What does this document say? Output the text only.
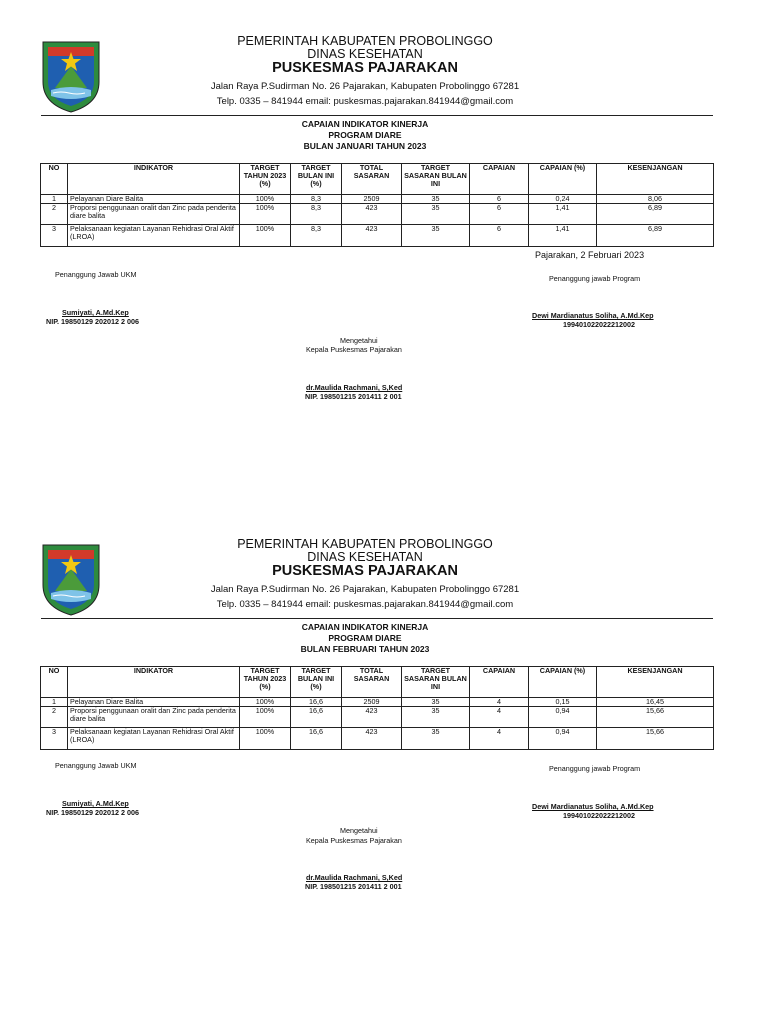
PEMERINTAH KABUPATEN PROBOLINGGO
DINAS KESEHATAN
PUSKESMAS PAJARAKAN
Jalan Raya P.Sudirman No. 26 Pajarakan, Kabupaten Probolinggo 67281
Telp. 0335 – 841944 email: puskesmas.pajarakan.841944@gmail.com
CAPAIAN INDIKATOR KINERJA
PROGRAM DIARE
BULAN JANUARI TAHUN 2023
NO	INDIKATOR	TARGET TAHUN 2023 (%)	TARGET BULAN INI (%)	TOTAL SASARAN	TARGET SASARAN BULAN INI	CAPAIAN	CAPAIAN (%)	KESENJANGAN
1	Pelayanan Diare Balita	100%	8,3	2509	35	6	0,24	8,06
2	Proporsi penggunaan oralit dan Zinc pada penderita diare balita	100%	8,3	423	35	6	1,41	6,89
3	Pelaksanaan kegiatan Layanan Rehidrasi Oral Aktif (LROA)	100%	8,3	423	35	6	1,41	6,89
Pajarakan, 2 Februari 2023
Penanggung Jawab UKM	Penanggung jawab Program
Sumiyati, A.Md.Kep
NIP. 19850129 202012 2 006
Dewi Mardianatus Soliha, A.Md.Kep
199401022022212002
Mengetahui
Kepala Puskesmas Pajarakan
dr.Maulida Rachmani, S,Ked
NIP. 198501215 201411 2 001
PEMERINTAH KABUPATEN PROBOLINGGO
DINAS KESEHATAN
PUSKESMAS PAJARAKAN
Jalan Raya P.Sudirman No. 26 Pajarakan, Kabupaten Probolinggo 67281
Telp. 0335 – 841944 email: puskesmas.pajarakan.841944@gmail.com
CAPAIAN INDIKATOR KINERJA
PROGRAM DIARE
BULAN FEBRUARI TAHUN 2023
NO	INDIKATOR	TARGET TAHUN 2023 (%)	TARGET BULAN INI (%)	TOTAL SASARAN	TARGET SASARAN BULAN INI	CAPAIAN	CAPAIAN (%)	KESENJANGAN
1	Pelayanan Diare Balita	100%	16,6	2509	35	4	0,15	16,45
2	Proporsi penggunaan oralit dan Zinc pada penderita diare balita	100%	16,6	423	35	4	0,94	15,66
3	Pelaksanaan kegiatan Layanan Rehidrasi Oral Aktif (LROA)	100%	16,6	423	35	4	0,94	15,66
Penanggung Jawab UKM	Penanggung jawab Program
Sumiyati, A.Md.Kep
NIP. 19850129 202012 2 006
Dewi Mardianatus Soliha, A.Md.Kep
199401022022212002
Mengetahui
Kepala Puskesmas Pajarakan
dr.Maulida Rachmani, S,Ked
NIP. 198501215 201411 2 001
